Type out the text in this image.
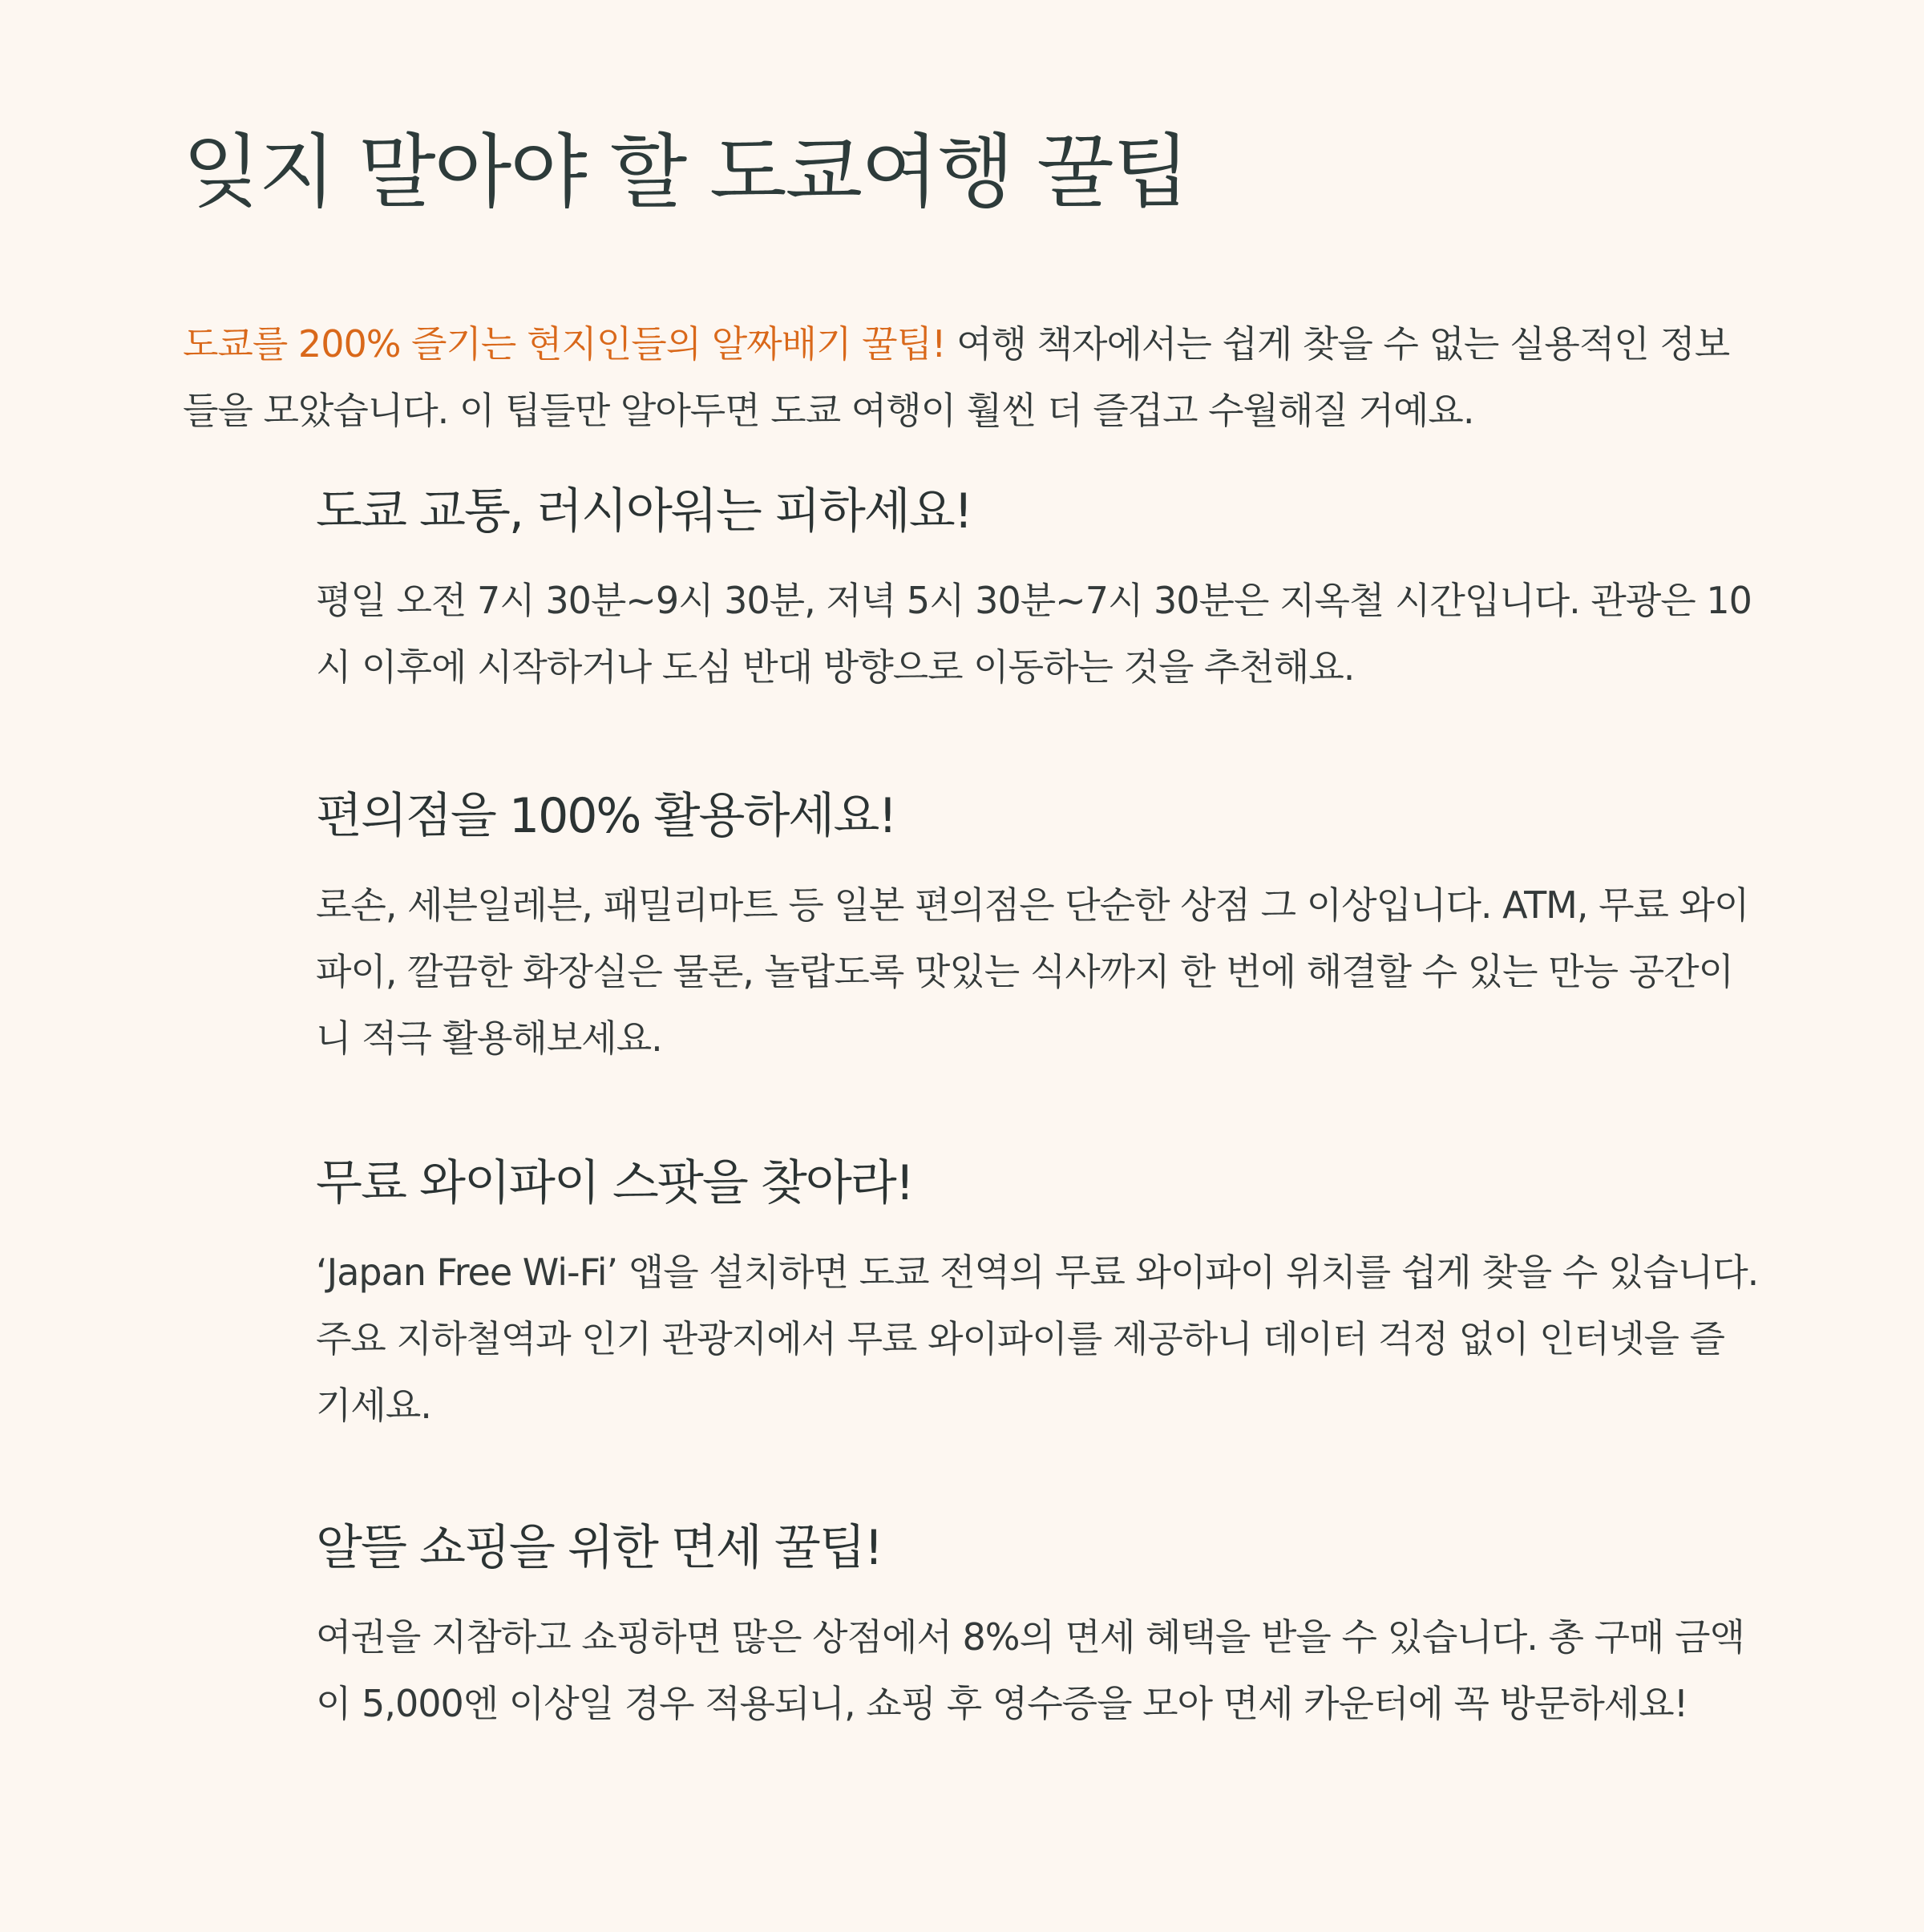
잊지 말아야 할 도쿄여행 꿀팁

도쿄를 200% 즐기는 현지인들의 알짜배기 꿀팁! 여행 책자에서는 쉽게 찾을 수 없는 실용적인 정보들을 모았습니다. 이 팁들만 알아두면 도쿄 여행이 훨씬 더 즐겁고 수월해질 거예요.

도쿄 교통, 러시아워는 피하세요!

평일 오전 7시 30분~9시 30분, 저녁 5시 30분~7시 30분은 지옥철 시간입니다. 관광은 10시 이후에 시작하거나 도심 반대 방향으로 이동하는 것을 추천해요.

편의점을 100% 활용하세요!

로손, 세븐일레븐, 패밀리마트 등 일본 편의점은 단순한 상점 그 이상입니다. ATM, 무료 와이파이, 깔끔한 화장실은 물론, 놀랍도록 맛있는 식사까지 한 번에 해결할 수 있는 만능 공간이니 적극 활용해보세요.

무료 와이파이 스팟을 찾아라!

‘Japan Free Wi-Fi’ 앱을 설치하면 도쿄 전역의 무료 와이파이 위치를 쉽게 찾을 수 있습니다. 주요 지하철역과 인기 관광지에서 무료 와이파이를 제공하니 데이터 걱정 없이 인터넷을 즐기세요.

알뜰 쇼핑을 위한 면세 꿀팁!

여권을 지참하고 쇼핑하면 많은 상점에서 8%의 면세 혜택을 받을 수 있습니다. 총 구매 금액이 5,000엔 이상일 경우 적용되니, 쇼핑 후 영수증을 모아 면세 카운터에 꼭 방문하세요!
